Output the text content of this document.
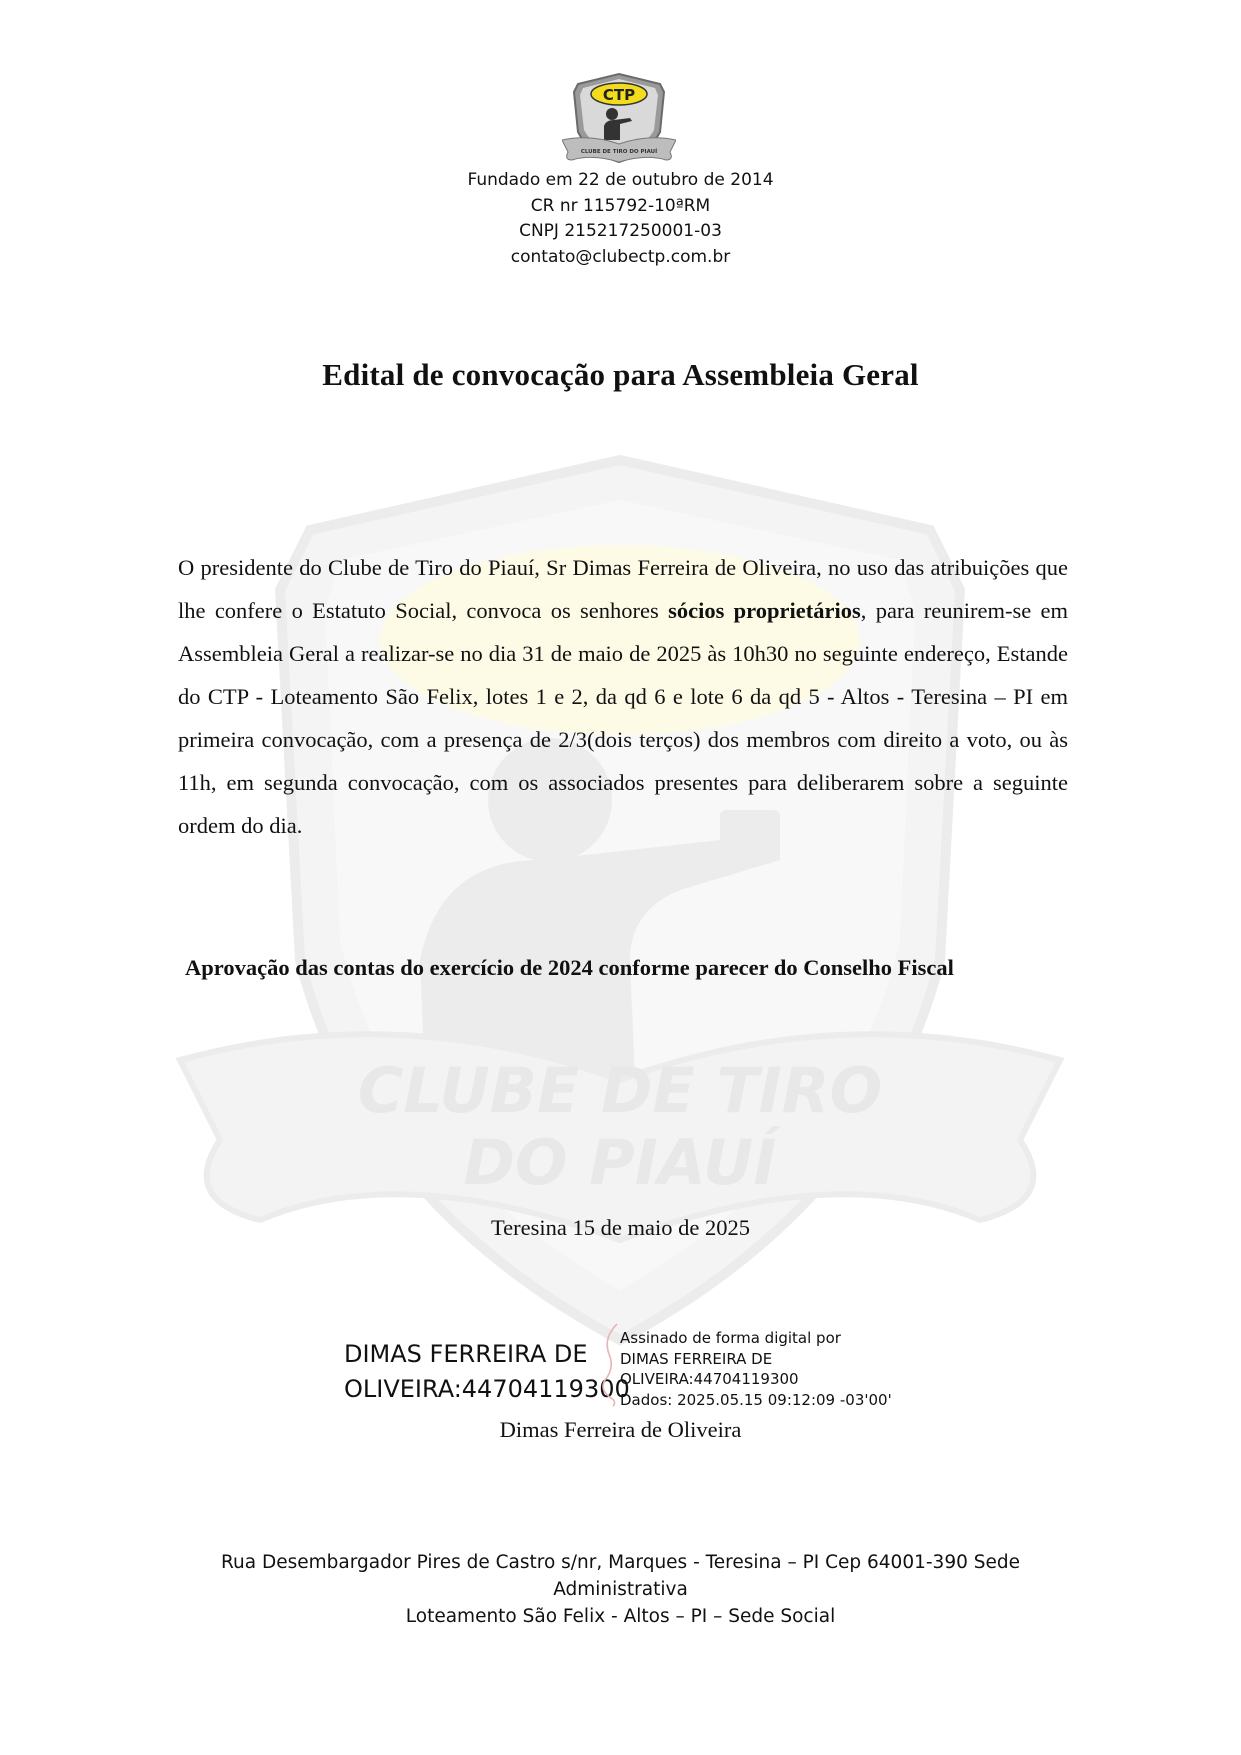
CLUBE DE TIRO
DO PIAUÍ
CTP
CLUBE DE TIRO DO PIAUÍ
Fundado em 22 de outubro de 2014
CR nr 115792-10ªRM
CNPJ 215217250001-03
contato@clubectp.com.br
Edital de convocação para Assembleia Geral
O presidente do Clube de Tiro do Piauí, Sr Dimas Ferreira de Oliveira, no uso das atribuições que lhe confere o Estatuto Social, convoca os senhores sócios proprietários, para reunirem-se em Assembleia Geral a realizar-se no dia 31 de maio de 2025 às 10h30 no seguinte endereço, Estande do CTP - Loteamento São Felix, lotes 1 e 2, da qd 6 e lote 6 da qd 5 - Altos - Teresina – PI em primeira convocação, com a presença de 2/3(dois terços) dos membros com direito a voto, ou às 11h, em segunda convocação, com os associados presentes para deliberarem sobre a seguinte ordem do dia.
Aprovação das contas do exercício de 2024 conforme parecer do Conselho Fiscal
Teresina 15 de maio de 2025
DIMAS FERREIRA DE
OLIVEIRA:44704119300
Assinado de forma digital por
DIMAS FERREIRA DE
OLIVEIRA:44704119300
Dados: 2025.05.15 09:12:09 -03'00'
Dimas Ferreira de Oliveira
Rua Desembargador Pires de Castro s/nr, Marques - Teresina – PI Cep 64001-390 Sede
Administrativa
Loteamento São Felix - Altos – PI – Sede Social
